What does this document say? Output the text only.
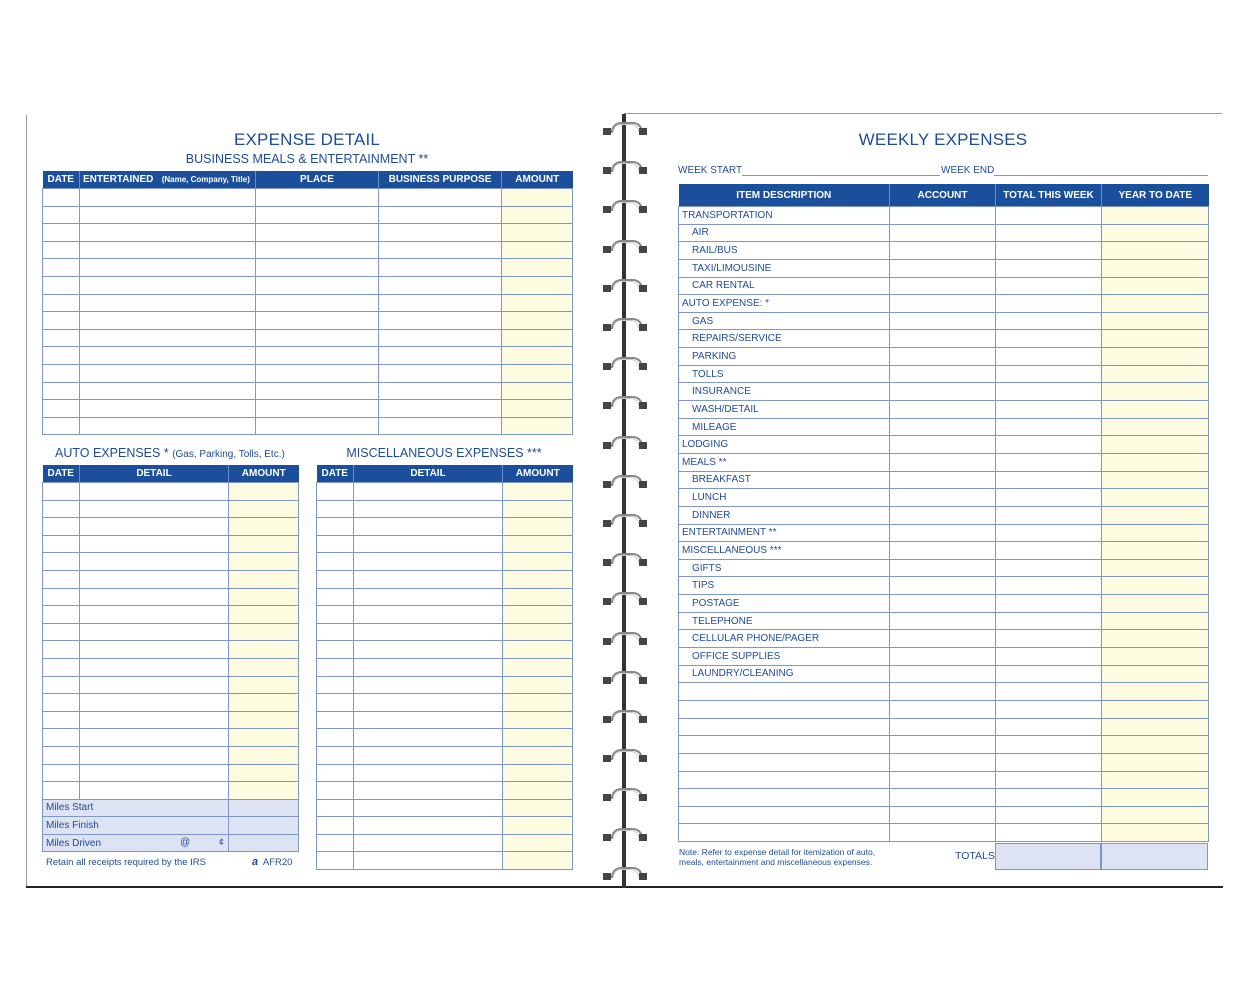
EXPENSE DETAIL
BUSINESS MEALS & ENTERTAINMENT **
DATE	ENTERTAINED (Name, Company, Title)	PLACE	BUSINESS PURPOSE	AMOUNT

AUTO EXPENSES * (Gas, Parking, Tolls, Etc.)	MISCELLANEOUS EXPENSES ***
DATE	DETAIL	AMOUNT

Miles Start		
Miles Finish		
Miles Driven @ ¢		

DATE	DETAIL	AMOUNT

Retain all receipts required by the IRS	a AFR20
WEEKLY EXPENSES
WEEK START	WEEK END
ITEM DESCRIPTION	ACCOUNT	TOTAL THIS WEEK	YEAR TO DATE
TRANSPORTATION			
AIR			
RAIL/BUS			
TAXI/LIMOUSINE			
CAR RENTAL			
AUTO EXPENSE: *			
GAS			
REPAIRS/SERVICE			
PARKING			
TOLLS			
INSURANCE			
WASH/DETAIL			
MILEAGE			
LODGING			
MEALS **			
BREAKFAST			
LUNCH			
DINNER			
ENTERTAINMENT **			
MISCELLANEOUS ***			
GIFTS			
TIPS			
POSTAGE			
TELEPHONE			
CELLULAR PHONE/PAGER			
OFFICE SUPPLIES			
LAUNDRY/CLEANING			

Note: Refer to expense detail for itemization of auto, meals, entertainment and miscellaneous expenses.	TOTALS
